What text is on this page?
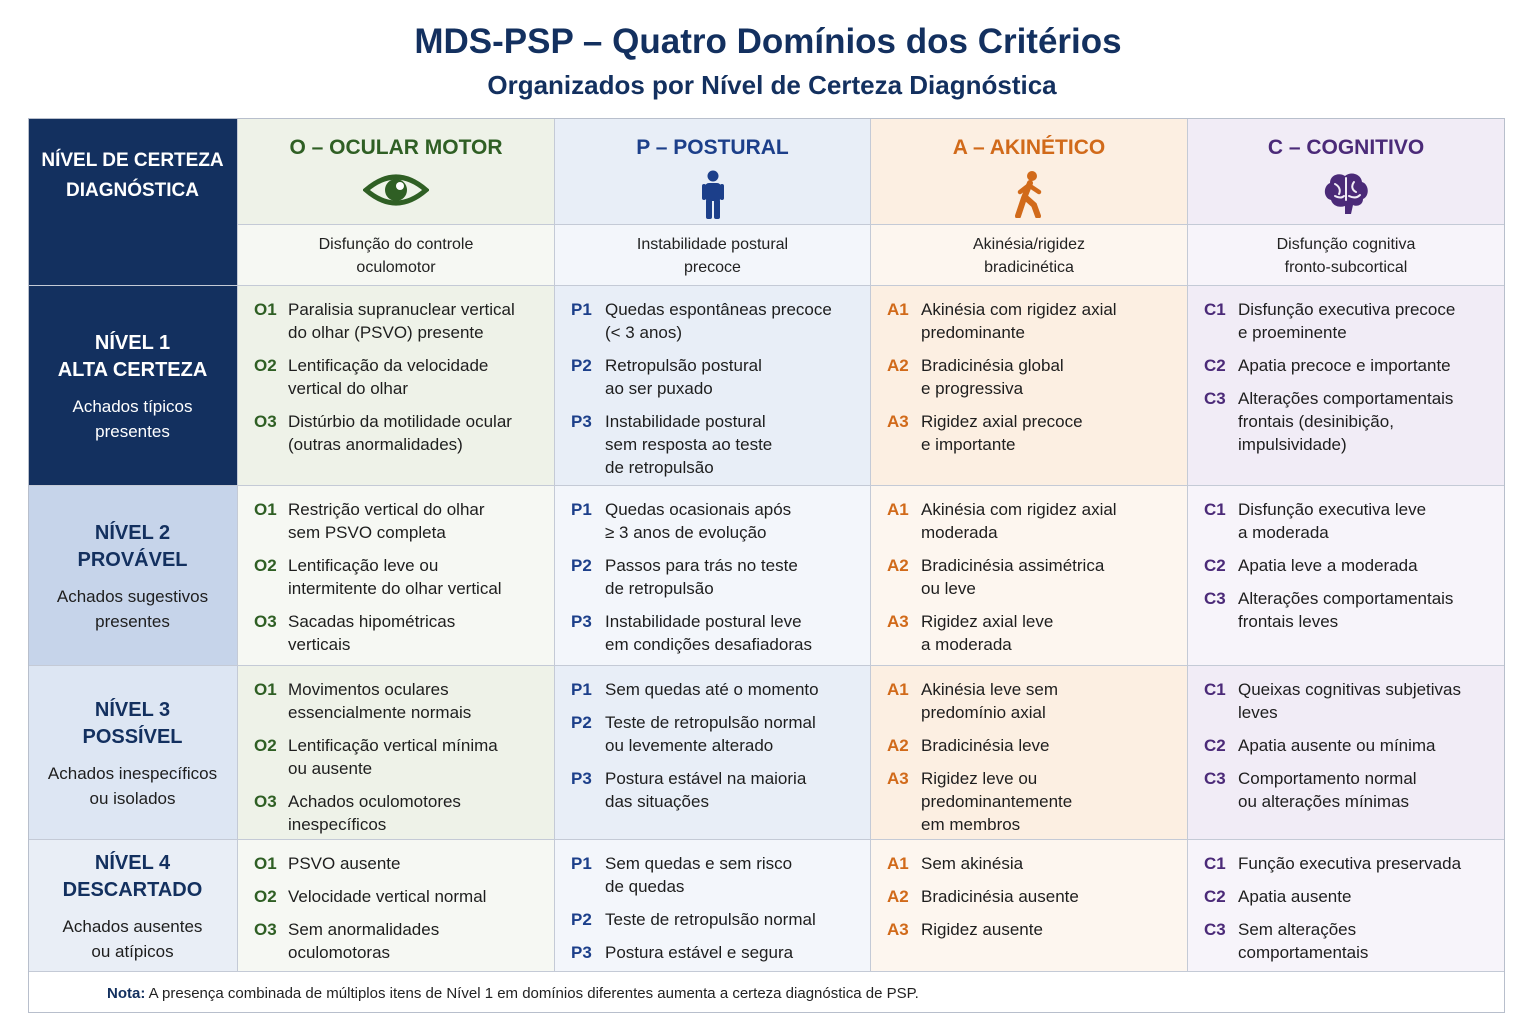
MDS-PSP – Quatro Domínios dos Critérios
Organizados por Nível de Certeza Diagnóstica
NÍVEL DE CERTEZA
DIAGNÓSTICA
O – OCULAR MOTOR
Disfunção do controle
oculomotor
P – POSTURAL
Instabilidade postural
precoce
A – AKINÉTICO
Akinésia/rigidez
bradicinética
C – COGNITIVO
Disfunção cognitiva
fronto-subcortical
NÍVEL 1
ALTA CERTEZA
Achados típicos
presentes
O1 Paralisia supranuclear vertical
do olhar (PSVO) presente
O2 Lentificação da velocidade
vertical do olhar
O3 Distúrbio da motilidade ocular
(outras anormalidades)
P1 Quedas espontâneas precoce
(< 3 anos)
P2 Retropulsão postural
ao ser puxado
P3 Instabilidade postural
sem resposta ao teste
de retropulsão
A1 Akinésia com rigidez axial
predominante
A2 Bradicinésia global
e progressiva
A3 Rigidez axial precoce
e importante
C1 Disfunção executiva precoce
e proeminente
C2 Apatia precoce e importante
C3 Alterações comportamentais
frontais (desinibição,
impulsividade)
NÍVEL 2
PROVÁVEL
Achados sugestivos
presentes
O1 Restrição vertical do olhar
sem PSVO completa
O2 Lentificação leve ou
intermitente do olhar vertical
O3 Sacadas hipométricas
verticais
P1 Quedas ocasionais após
≥ 3 anos de evolução
P2 Passos para trás no teste
de retropulsão
P3 Instabilidade postural leve
em condições desafiadoras
A1 Akinésia com rigidez axial
moderada
A2 Bradicinésia assimétrica
ou leve
A3 Rigidez axial leve
a moderada
C1 Disfunção executiva leve
a moderada
C2 Apatia leve a moderada
C3 Alterações comportamentais
frontais leves
NÍVEL 3
POSSÍVEL
Achados inespecíficos
ou isolados
O1 Movimentos oculares
essencialmente normais
O2 Lentificação vertical mínima
ou ausente
O3 Achados oculomotores
inespecíficos
P1 Sem quedas até o momento
P2 Teste de retropulsão normal
ou levemente alterado
P3 Postura estável na maioria
das situações
A1 Akinésia leve sem
predomínio axial
A2 Bradicinésia leve
A3 Rigidez leve ou
predominantemente
em membros
C1 Queixas cognitivas subjetivas
leves
C2 Apatia ausente ou mínima
C3 Comportamento normal
ou alterações mínimas
NÍVEL 4
DESCARTADO
Achados ausentes
ou atípicos
O1 PSVO ausente
O2 Velocidade vertical normal
O3 Sem anormalidades
oculomotoras
P1 Sem quedas e sem risco
de quedas
P2 Teste de retropulsão normal
P3 Postura estável e segura
A1 Sem akinésia
A2 Bradicinésia ausente
A3 Rigidez ausente
C1 Função executiva preservada
C2 Apatia ausente
C3 Sem alterações
comportamentais
Nota: A presença combinada de múltiplos itens de Nível 1 em domínios diferentes aumenta a certeza diagnóstica de PSP.
